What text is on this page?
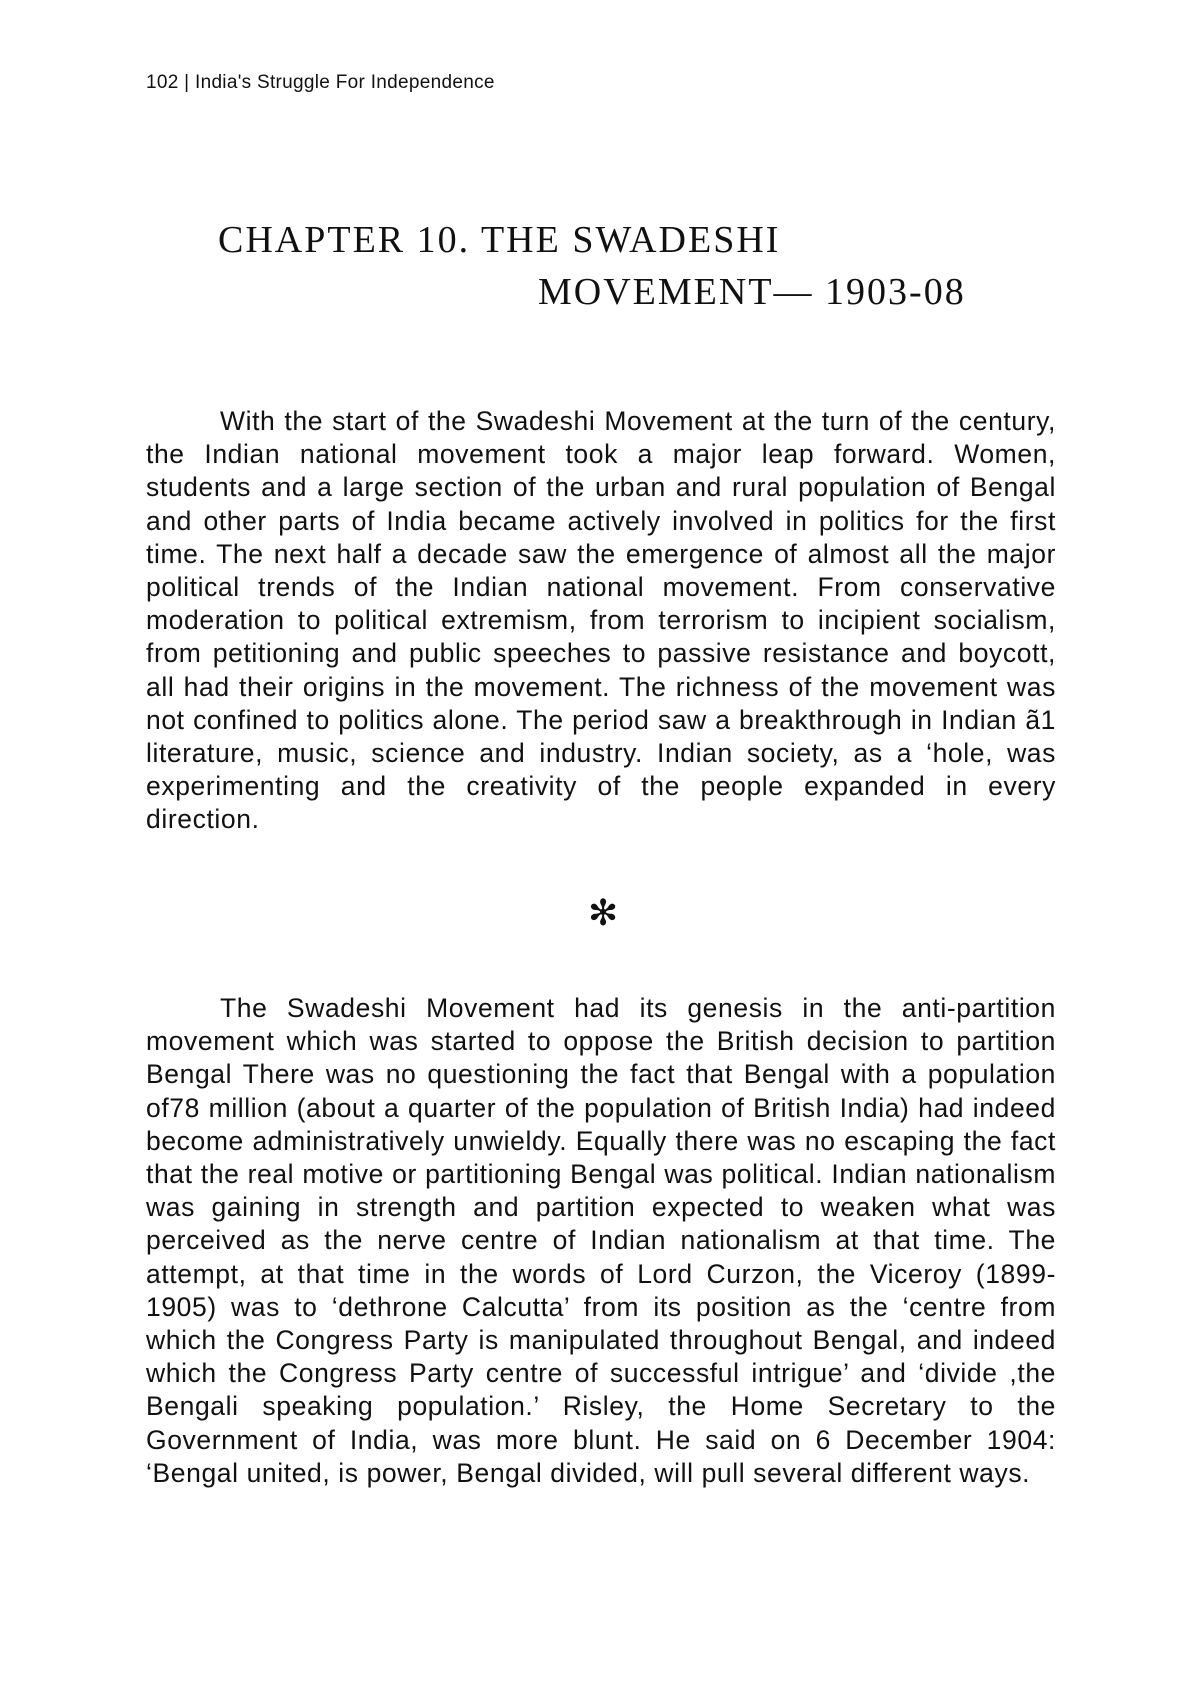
102 | India's Struggle For Independence
CHAPTER 10. THE SWADESHI
MOVEMENT— 1903-08

With the start of the Swadeshi Movement at the turn of the century, the Indian national movement took a major leap forward. Women, students and a large section of the urban and rural population of Bengal and other parts of India became actively involved in politics for the first time. The next half a decade saw the emergence of almost all the major political trends of the Indian national movement. From conservative moderation to political extremism, from terrorism to incipient socialism, from petitioning and public speeches to passive resistance and boycott, all had their origins in the movement. The richness of the movement was not confined to politics alone. The period saw a breakthrough in Indian ã1 literature, music, science and industry. Indian society, as a ‘hole, was experimenting and the creativity of the people expanded in every direction.

✻

The Swadeshi Movement had its genesis in the anti-partition movement which was started to oppose the British decision to partition Bengal There was no questioning the fact that Bengal with a population of78 million (about a quarter of the population of British India) had indeed become administratively unwieldy. Equally there was no escaping the fact that the real motive or partitioning Bengal was political. Indian nationalism was gaining in strength and partition expected to weaken what was perceived as the nerve centre of Indian nationalism at that time. The attempt, at that time in the words of Lord Curzon, the Viceroy (1899-1905) was to ‘dethrone Calcutta’ from its position as the ‘centre from which the Congress Party is manipulated throughout Bengal, and indeed which the Congress Party centre of successful intrigue’ and ‘divide ,the Bengali speaking population.’ Risley, the Home Secretary to the Government of India, was more blunt. He said on 6 December 1904: ‘Bengal united, is power, Bengal divided, will pull several different ways.
